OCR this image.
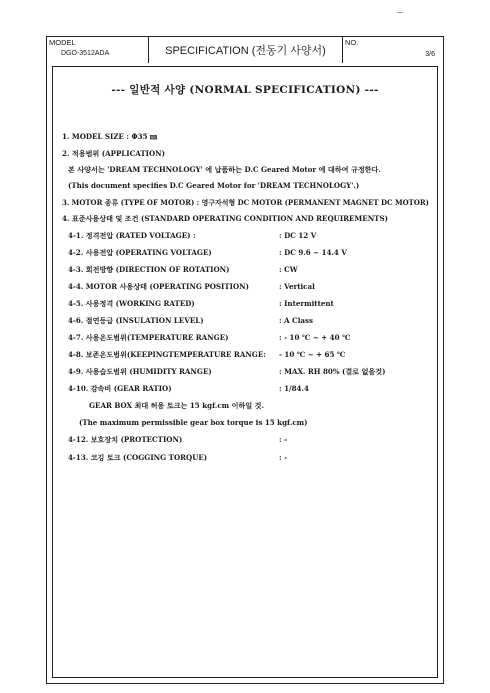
MODEL
DGO-3512ADA	SPECIFICATION (전동기 사양서)
NO.
3/6
--- 일반적 사양 (NORMAL SPECIFICATION) ---
1. MODEL SIZE : Φ35 ㎜
2. 적용범위 (APPLICATION)
본 사양서는 'DREAM TECHNOLOGY' 에 납품하는 D.C Geared Motor 에 대하여 규정한다.
(This document specifies D.C Geared Motor for 'DREAM TECHNOLOGY'.)
3. MOTOR 종류 (TYPE OF MOTOR) : 영구자석형 DC MOTOR (PERMANENT MAGNET DC MOTOR)
4. 표준사용상태 및 조건 (STANDARD OPERATING CONDITION AND REQUIREMENTS)
4-1. 정격전압 (RATED VOLTAGE) :	: DC 12 V
4-2. 사용전압 (OPERATING VOLTAGE)	: DC 9.6 ~ 14.4 V
4-3. 회전방향 (DIRECTION OF ROTATION)	: CW
4-4. MOTOR 사용상태 (OPERATING POSITION)	: Vertical
4-5. 사용정격 (WORKING RATED)	: Intermittent
4-6. 절연등급 (INSULATION LEVEL)	: A Class
4-7. 사용온도범위(TEMPERATURE RANGE)	: - 10 ℃ ~ + 40 ℃
4-8. 보존온도범위(KEEPINGTEMPERATURE RANGE: - 10 ℃ ~ + 65 ℃
4-9. 사용습도범위 (HUMIDITY RANGE)	: MAX. RH 80% (결로 없을것)
4-10. 감속비 (GEAR RATIO)	: 1/84.4
GEAR BOX 최대 허용 토크는 15 kgf.cm 이하일 것.
(The maximum permissible gear box torque is 15 kgf.cm)
4-12. 보호장치 (PROTECTION)	: -
4-13. 코깅 토크 (COGGING TORQUE)	: -
